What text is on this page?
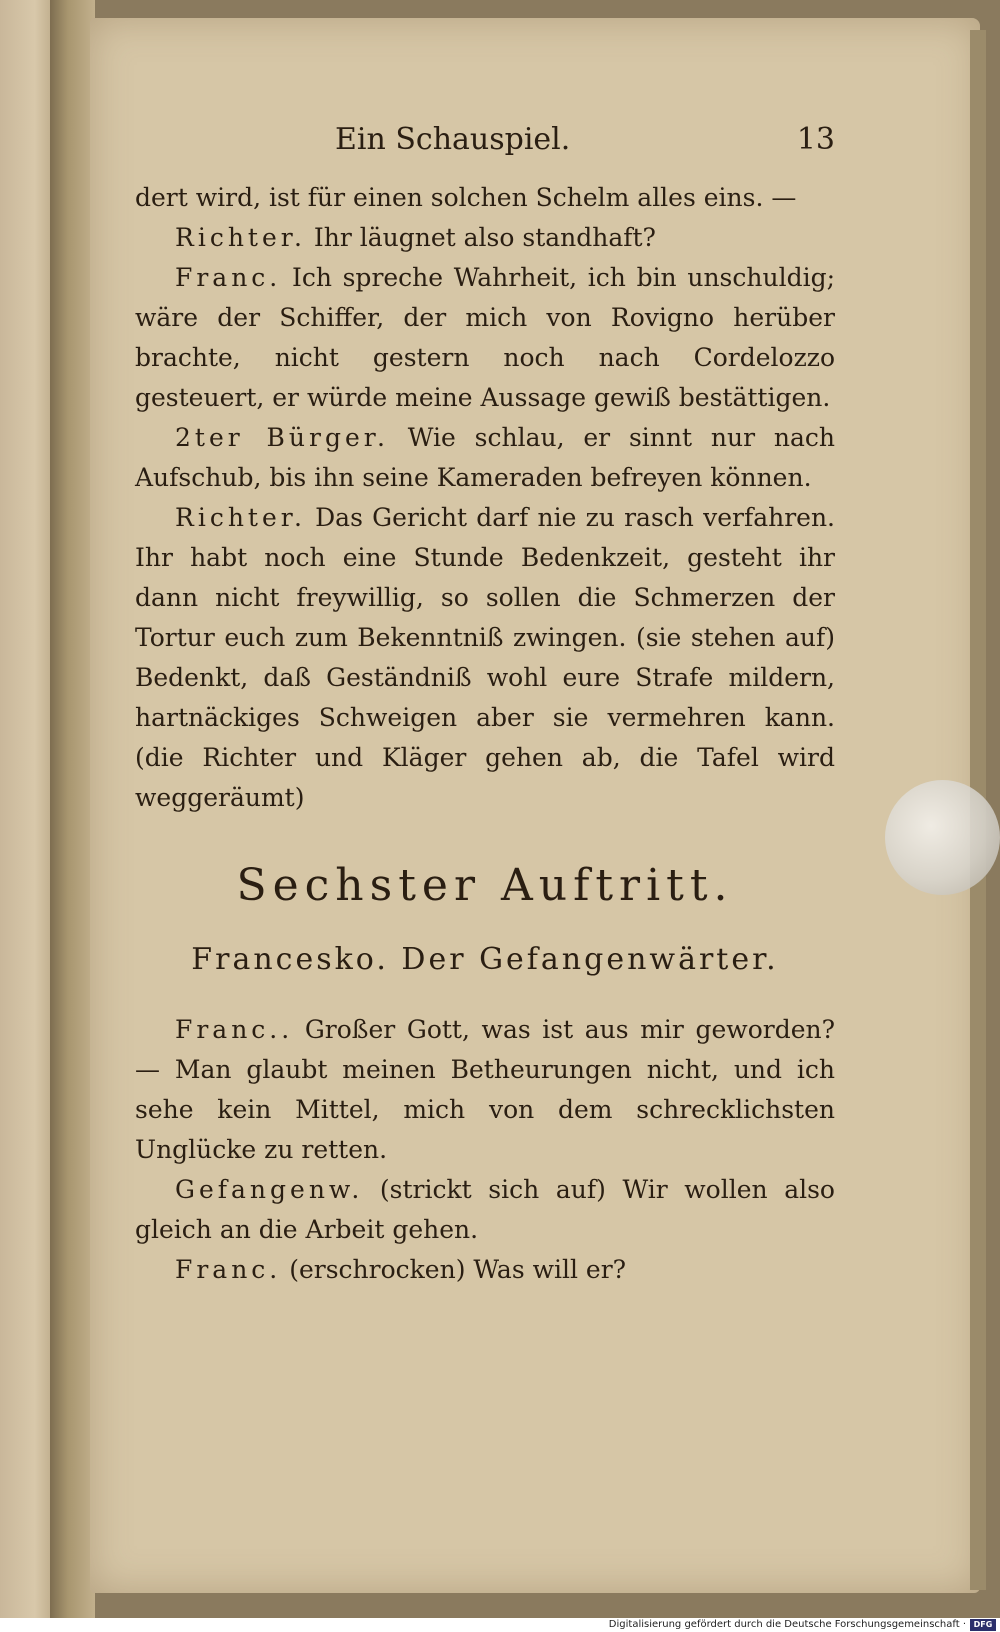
Ein Schauspiel.	13

dert wird, ist für einen solchen Schelm alles eins. —

Richter. Ihr läugnet also standhaft?

Franc. Ich spreche Wahrheit, ich bin unschuldig; wäre der Schiffer, der mich von Rovigno herüber brachte, nicht gestern noch nach Cordelozzo gesteuert, er würde meine Aussage gewiß bestättigen.

2ter Bürger. Wie schlau, er sinnt nur nach Aufschub, bis ihn seine Kameraden befreyen können.

Richter. Das Gericht darf nie zu rasch verfahren. Ihr habt noch eine Stunde Bedenkzeit, gesteht ihr dann nicht freywillig, so sollen die Schmerzen der Tortur euch zum Bekenntniß zwingen. (sie stehen auf) Bedenkt, daß Geständniß wohl eure Strafe mildern, hartnäckiges Schweigen aber sie vermehren kann. (die Richter und Kläger gehen ab, die Tafel wird weggeräumt)

Sechster Auftritt.
Francesko. Der Gefangenwärter.

Franc.. Großer Gott, was ist aus mir geworden? — Man glaubt meinen Betheurungen nicht, und ich sehe kein Mittel, mich von dem schrecklichsten Unglücke zu retten.

Gefangenw. (strickt sich auf) Wir wollen also gleich an die Arbeit gehen.

Franc. (erschrocken) Was will er?

Digitalisierung gefördert durch die Deutsche Forschungsgemeinschaft · DFG
